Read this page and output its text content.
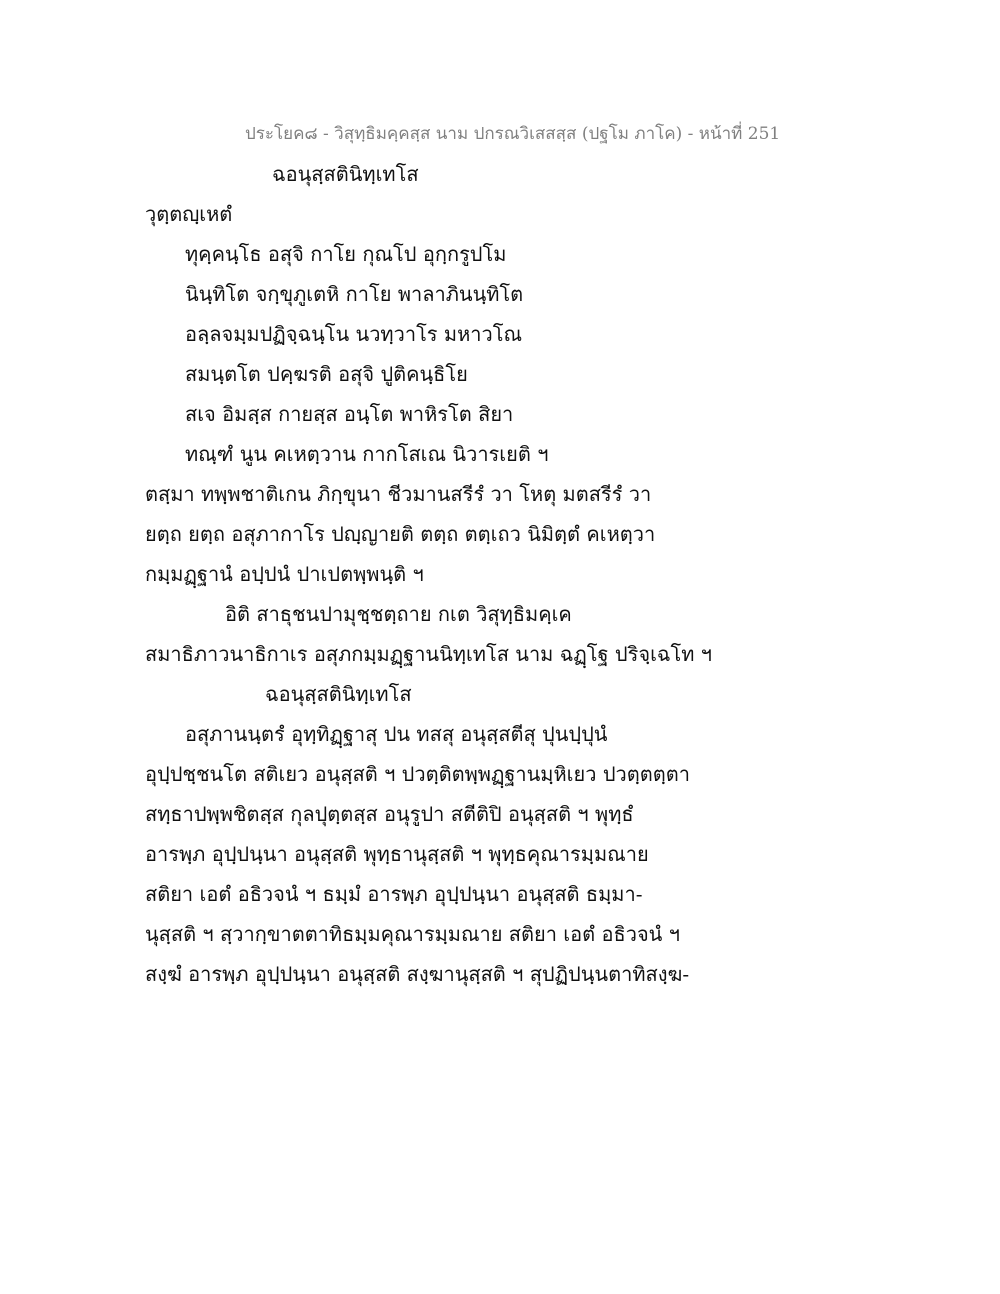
ประโยค๘ - วิสุทฺธิมคฺคสฺส นาม ปกรณวิเสสสฺส (ปฐโม ภาโค) - หน้าที่ 251
ฉอนุสฺสตินิทฺเทโส
วุตฺตญฺเหตํ
ทุคฺคนฺโธ อสุจิ กาโย กุณโป อุกฺกรูปโม
นินฺทิโต จกฺขุภูเตหิ กาโย พาลาภินนฺทิโต
อลฺลจมฺมปฏิจฺฉนฺโน นวทฺวาโร มหาวโณ
สมนฺตโต ปคฺฆรติ อสุจิ ปูติคนฺธิโย
สเจ อิมสฺส กายสฺส อนฺโต พาหิรโต สิยา
ทณฺฑํ นูน คเหตฺวาน กากโสเณ นิวารเยติ ฯ
ตสฺมา ทพฺพชาติเกน ภิกฺขุนา ชีวมานสรีรํ วา โหตุ มตสรีรํ วา
ยตฺถ ยตฺถ อสุภากาโร ปญฺญายติ ตตฺถ ตตฺเถว นิมิตฺตํ คเหตฺวา
กมฺมฏฺฐานํ อปฺปนํ ปาเปตพฺพนฺติ ฯ
อิติ สาธุชนปามุชฺชตฺถาย กเต วิสุทฺธิมคฺเค
สมาธิภาวนาธิกาเร อสุภกมฺมฏฺฐานนิทฺเทโส นาม ฉฏฺโฐ ปริจฺเฉโท ฯ
ฉอนุสฺสตินิทฺเทโส
อสุภานนฺตรํ อุทฺทิฏฺฐาสุ ปน ทสสุ อนุสฺสตีสุ ปุนปฺปุนํ
อุปฺปชฺชนโต สติเยว อนุสฺสติ ฯ ปวตฺติตพฺพฏฺฐานมฺหิเยว ปวตฺตตฺตา
สทฺธาปพฺพชิตสฺส กุลปุตฺตสฺส อนุรูปา สตีติปิ อนุสฺสติ ฯ พุทฺธํ
อารพฺภ อุปฺปนฺนา อนุสฺสติ พุทฺธานุสฺสติ ฯ พุทฺธคุณารมฺมณาย
สติยา เอตํ อธิวจนํ ฯ ธมฺมํ อารพฺภ อุปฺปนฺนา อนุสฺสติ ธมฺมา-
นุสฺสติ ฯ สฺวากฺขาตตาทิธมฺมคุณารมฺมณาย สติยา เอตํ อธิวจนํ ฯ
สงฺฆํ อารพฺภ อุปฺปนฺนา อนุสฺสติ สงฺฆานุสฺสติ ฯ สุปฏิปนฺนตาทิสงฺฆ-
